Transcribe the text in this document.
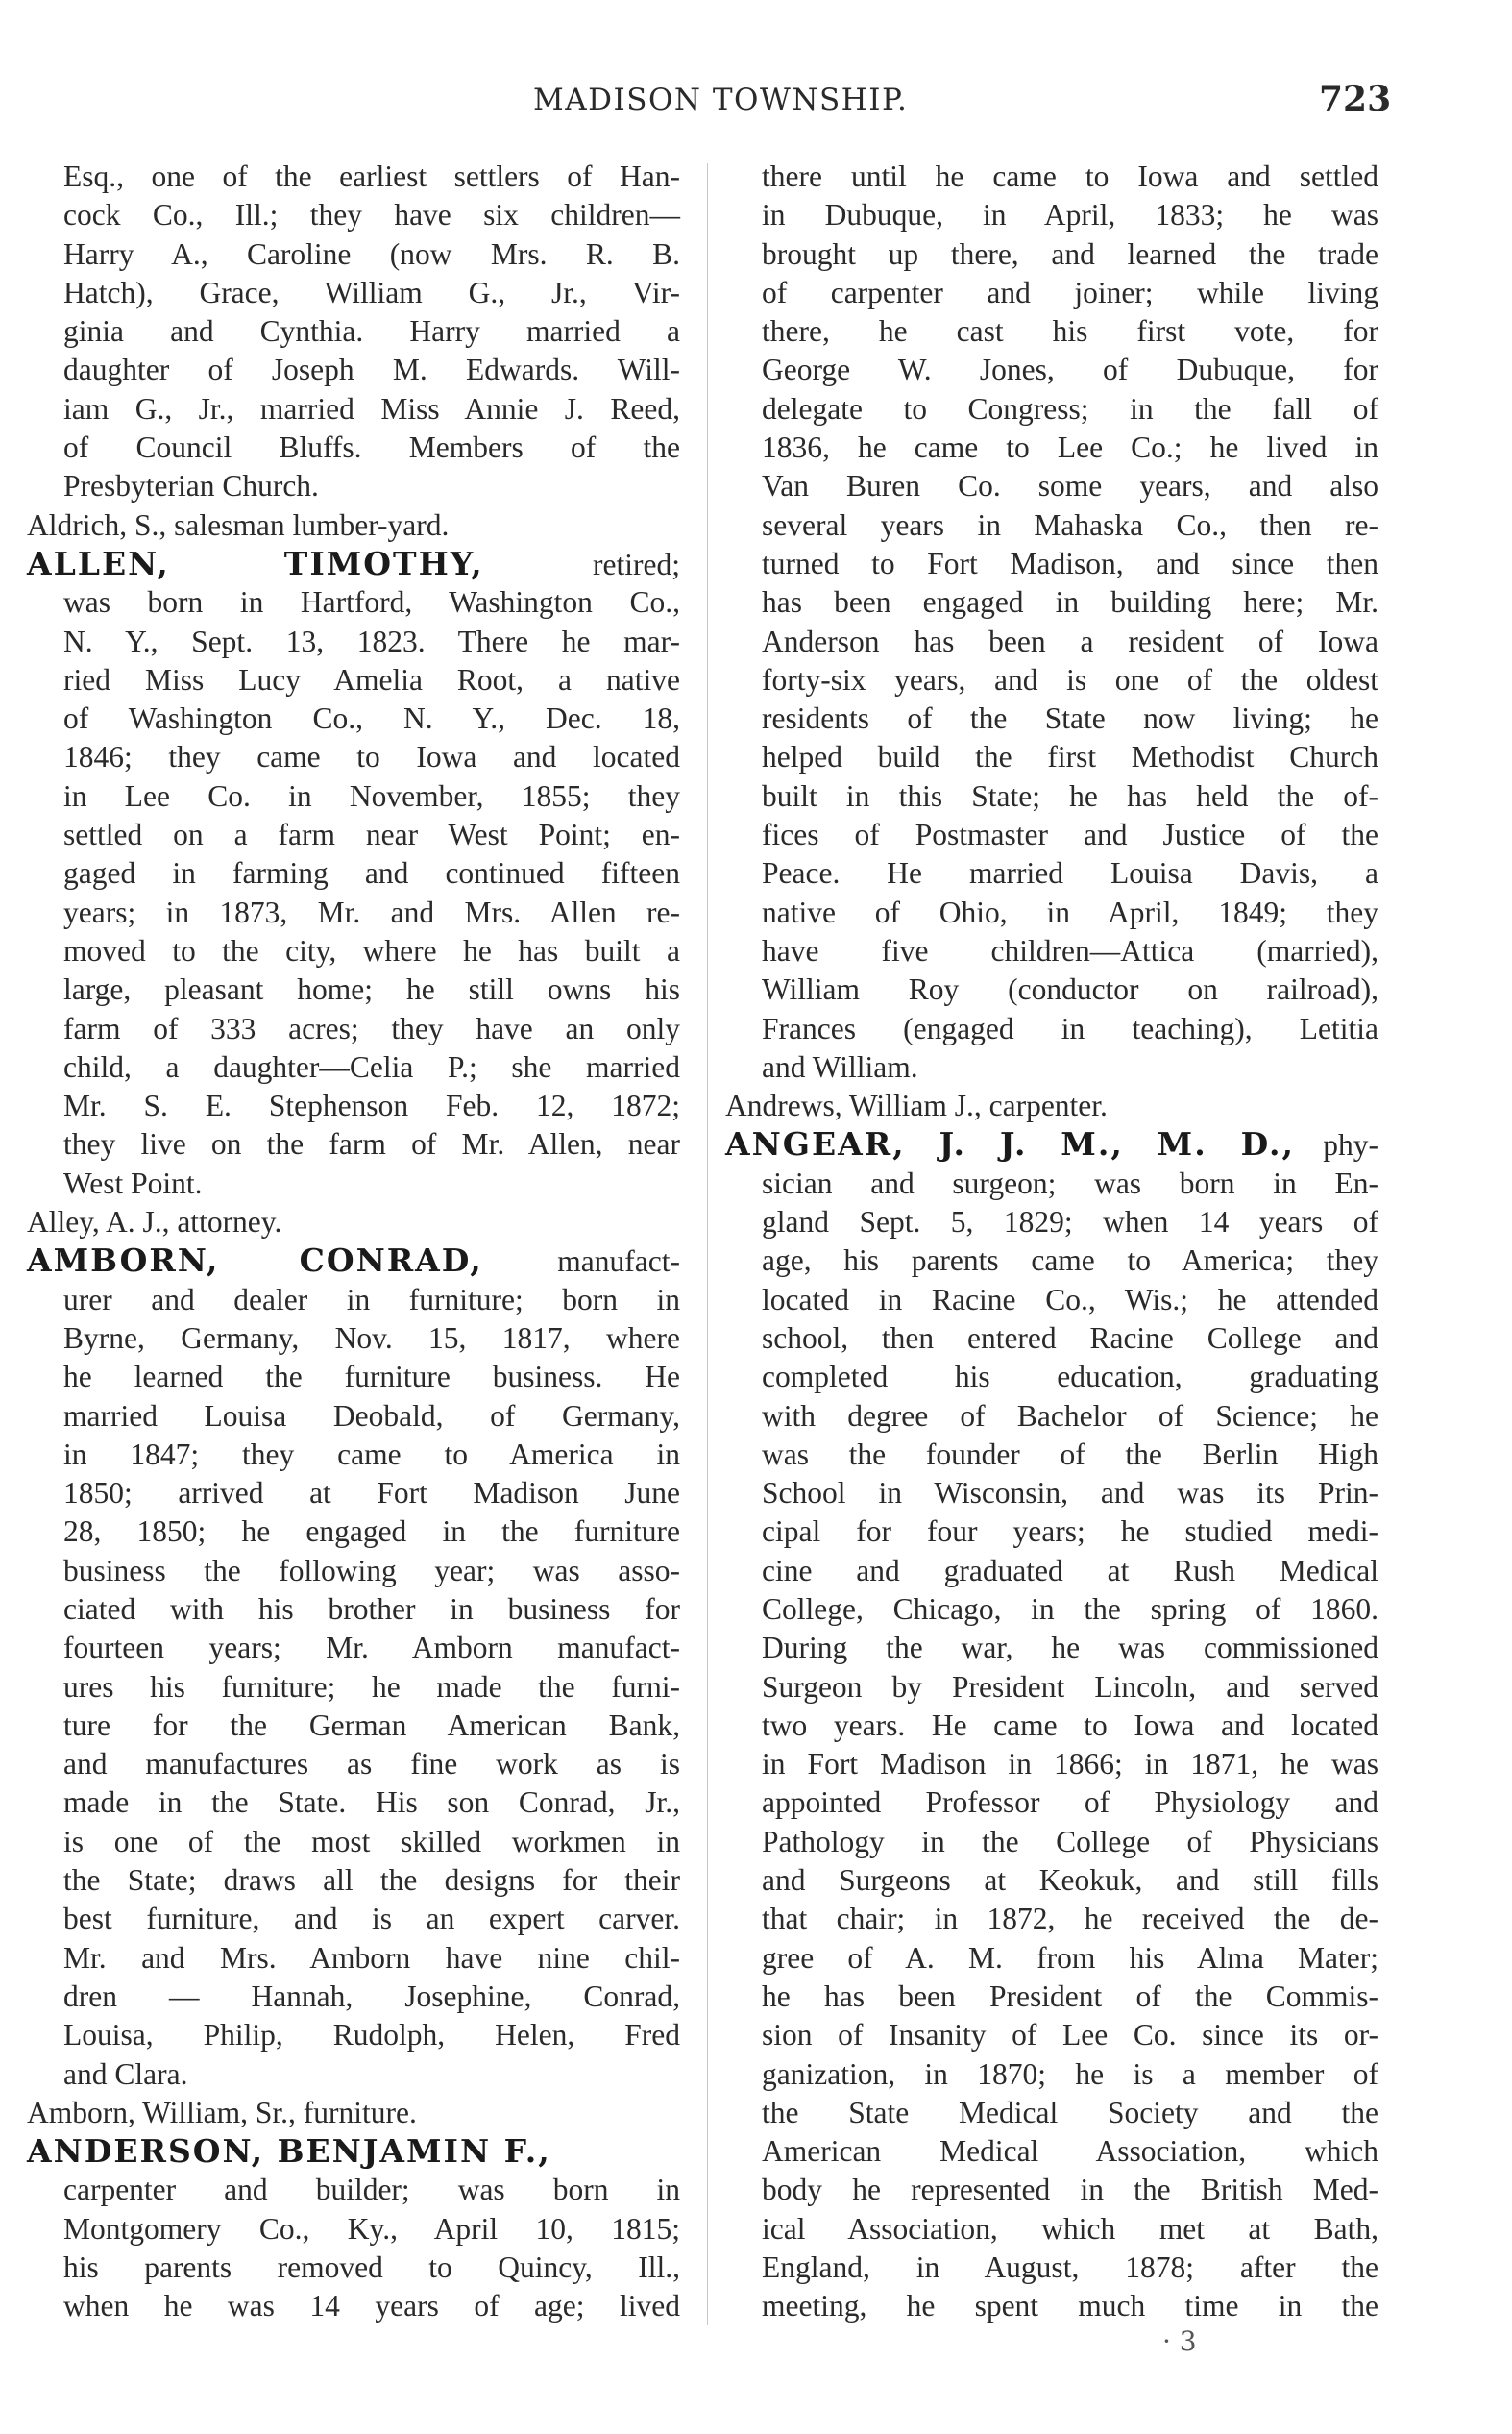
MADISON TOWNSHIP.	723
Esq., one of the earliest settlers of Han-
cock Co., Ill.; they have six children—
Harry A., Caroline (now Mrs. R. B.
Hatch), Grace, William G., Jr., Vir-
ginia and Cynthia. Harry married a
daughter of Joseph M. Edwards. Will-
iam G., Jr., married Miss Annie J. Reed,
of Council Bluffs. Members of the
Presbyterian Church.
Aldrich, S., salesman lumber-yard.
ALLEN, TIMOTHY, retired;
was born in Hartford, Washington Co.,
N. Y., Sept. 13, 1823. There he mar-
ried Miss Lucy Amelia Root, a native
of Washington Co., N. Y., Dec. 18,
1846; they came to Iowa and located
in Lee Co. in November, 1855; they
settled on a farm near West Point; en-
gaged in farming and continued fifteen
years; in 1873, Mr. and Mrs. Allen re-
moved to the city, where he has built a
large, pleasant home; he still owns his
farm of 333 acres; they have an only
child, a daughter—Celia P.; she married
Mr. S. E. Stephenson Feb. 12, 1872;
they live on the farm of Mr. Allen, near
West Point.
Alley, A. J., attorney.
AMBORN, CONRAD, manufact-
urer and dealer in furniture; born in
Byrne, Germany, Nov. 15, 1817, where
he learned the furniture business. He
married Louisa Deobald, of Germany,
in 1847; they came to America in
1850; arrived at Fort Madison June
28, 1850; he engaged in the furniture
business the following year; was asso-
ciated with his brother in business for
fourteen years; Mr. Amborn manufact-
ures his furniture; he made the furni-
ture for the German American Bank,
and manufactures as fine work as is
made in the State. His son Conrad, Jr.,
is one of the most skilled workmen in
the State; draws all the designs for their
best furniture, and is an expert carver.
Mr. and Mrs. Amborn have nine chil-
dren — Hannah, Josephine, Conrad,
Louisa, Philip, Rudolph, Helen, Fred
and Clara.
Amborn, William, Sr., furniture.
ANDERSON, BENJAMIN F.,
carpenter and builder; was born in
Montgomery Co., Ky., April 10, 1815;
his parents removed to Quincy, Ill.,
when he was 14 years of age; lived
there until he came to Iowa and settled
in Dubuque, in April, 1833; he was
brought up there, and learned the trade
of carpenter and joiner; while living
there, he cast his first vote, for
George W. Jones, of Dubuque, for
delegate to Congress; in the fall of
1836, he came to Lee Co.; he lived in
Van Buren Co. some years, and also
several years in Mahaska Co., then re-
turned to Fort Madison, and since then
has been engaged in building here; Mr.
Anderson has been a resident of Iowa
forty-six years, and is one of the oldest
residents of the State now living; he
helped build the first Methodist Church
built in this State; he has held the of-
fices of Postmaster and Justice of the
Peace. He married Louisa Davis, a
native of Ohio, in April, 1849; they
have five children—Attica (married),
William Roy (conductor on railroad),
Frances (engaged in teaching), Letitia
and William.
Andrews, William J., carpenter.
ANGEAR, J. J. M., M. D., phy-
sician and surgeon; was born in En-
gland Sept. 5, 1829; when 14 years of
age, his parents came to America; they
located in Racine Co., Wis.; he attended
school, then entered Racine College and
completed his education, graduating
with degree of Bachelor of Science; he
was the founder of the Berlin High
School in Wisconsin, and was its Prin-
cipal for four years; he studied medi-
cine and graduated at Rush Medical
College, Chicago, in the spring of 1860.
During the war, he was commissioned
Surgeon by President Lincoln, and served
two years. He came to Iowa and located
in Fort Madison in 1866; in 1871, he was
appointed Professor of Physiology and
Pathology in the College of Physicians
and Surgeons at Keokuk, and still fills
that chair; in 1872, he received the de-
gree of A. M. from his Alma Mater;
he has been President of the Commis-
sion of Insanity of Lee Co. since its or-
ganization, in 1870; he is a member of
the State Medical Society and the
American Medical Association, which
body he represented in the British Med-
ical Association, which met at Bath,
England, in August, 1878; after the
meeting, he spent much time in the
· 3
